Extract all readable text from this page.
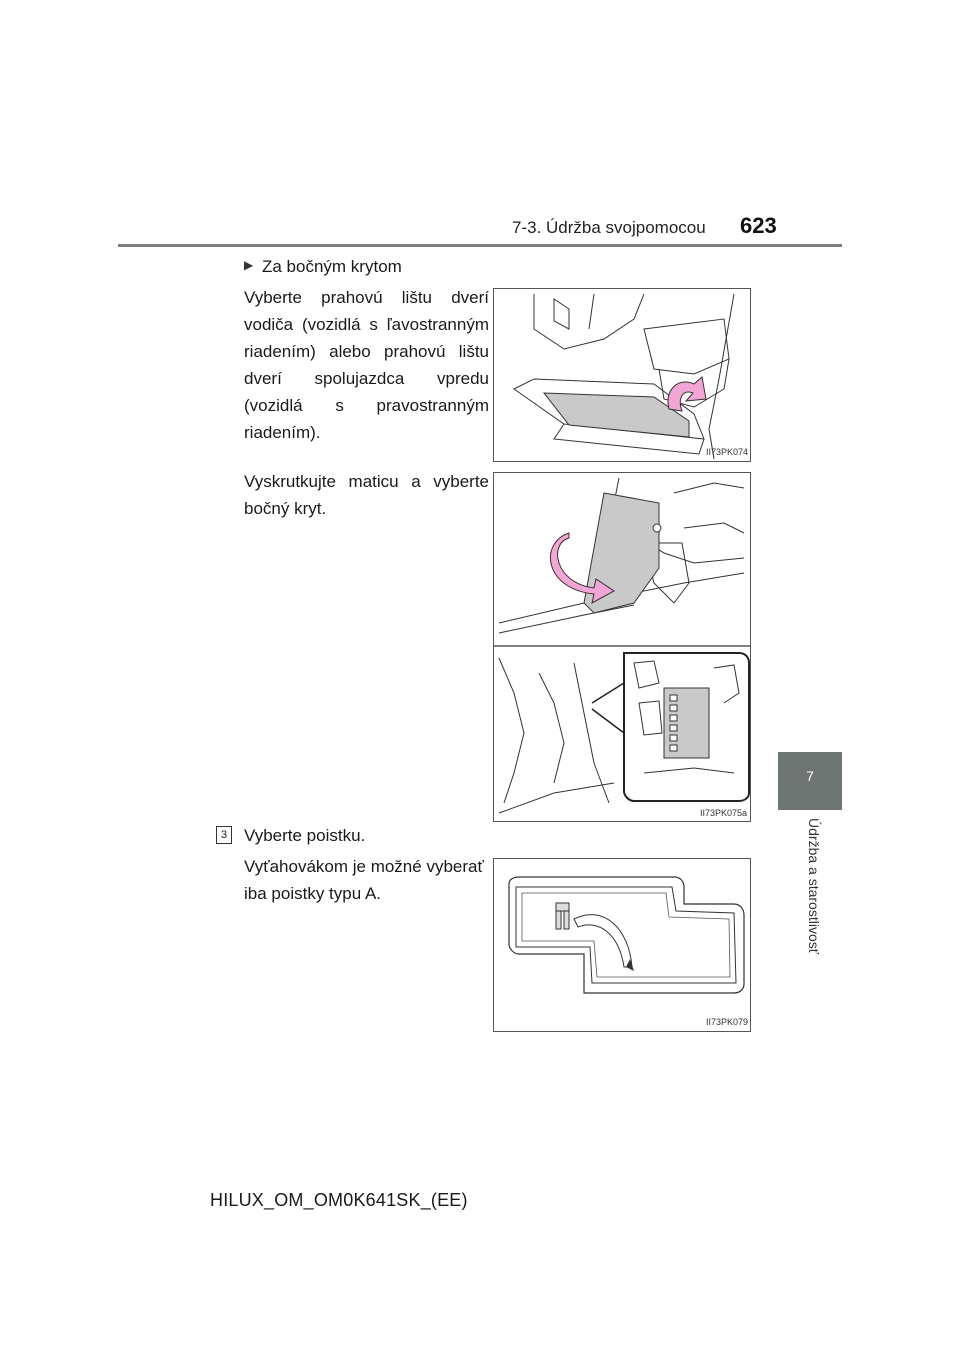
7-3. Údržba svojpomocou 623
7
Údržba a starostlivosť
▶ Za bočným krytom
Vyberte prahovú lištu dverí vodiča (vozidlá s ľavostranným riadením) alebo prahovú lištu dverí spolujazdca vpredu (vozidlá s pravostranným riadením).
II73PK074
Vyskrutkujte maticu a vyberte bočný kryt.
II73PK075a
3 Vyberte poistku.
Vyťahovákom je možné vyberať iba poistky typu A.
II73PK079
HILUX_OM_OM0K641SK_(EE)
